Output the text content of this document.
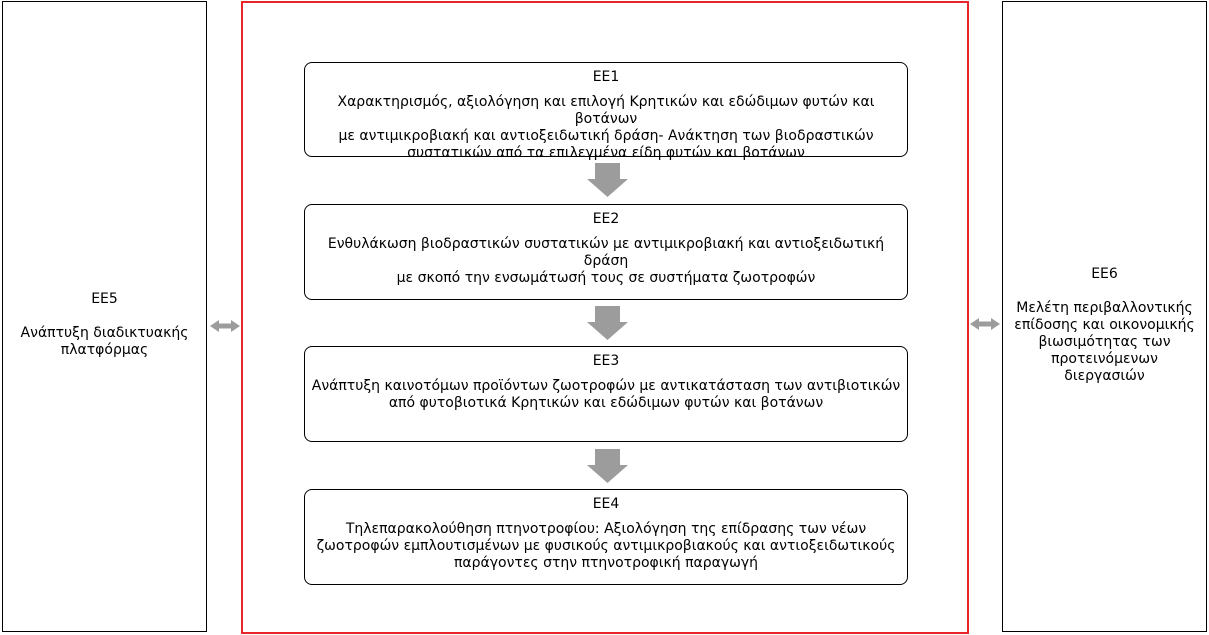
ΕΕ5

Ανάπτυξη διαδικτυακής
πλατφόρμας

ΕΕ6

Μελέτη περιβαλλοντικής
επίδοσης και οικονομικής
βιωσιμότητας των
προτεινόμενων
διεργασιών

ΕΕ1
Χαρακτηρισμός, αξιολόγηση και επιλογή Κρητικών και εδώδιμων φυτών και βοτάνων
με αντιμικροβιακή και αντιοξειδωτική δράση- Ανάκτηση των βιοδραστικών
συστατικών από τα επιλεγμένα είδη φυτών και βοτάνων
ΕΕ2
Ενθυλάκωση βιοδραστικών συστατικών με αντιμικροβιακή και αντιοξειδωτική δράση
με σκοπό την ενσωμάτωσή τους σε συστήματα ζωοτροφών
ΕΕ3
Ανάπτυξη καινοτόμων προϊόντων ζωοτροφών με αντικατάσταση των αντιβιοτικών
από φυτοβιοτικά Κρητικών και εδώδιμων φυτών και βοτάνων
ΕΕ4
Τηλεπαρακολούθηση πτηνοτροφίου: Αξιολόγηση της επίδρασης των νέων
ζωοτροφών εμπλουτισμένων με φυσικούς αντιμικροβιακούς και αντιοξειδωτικούς
παράγοντες στην πτηνοτροφική παραγωγή
